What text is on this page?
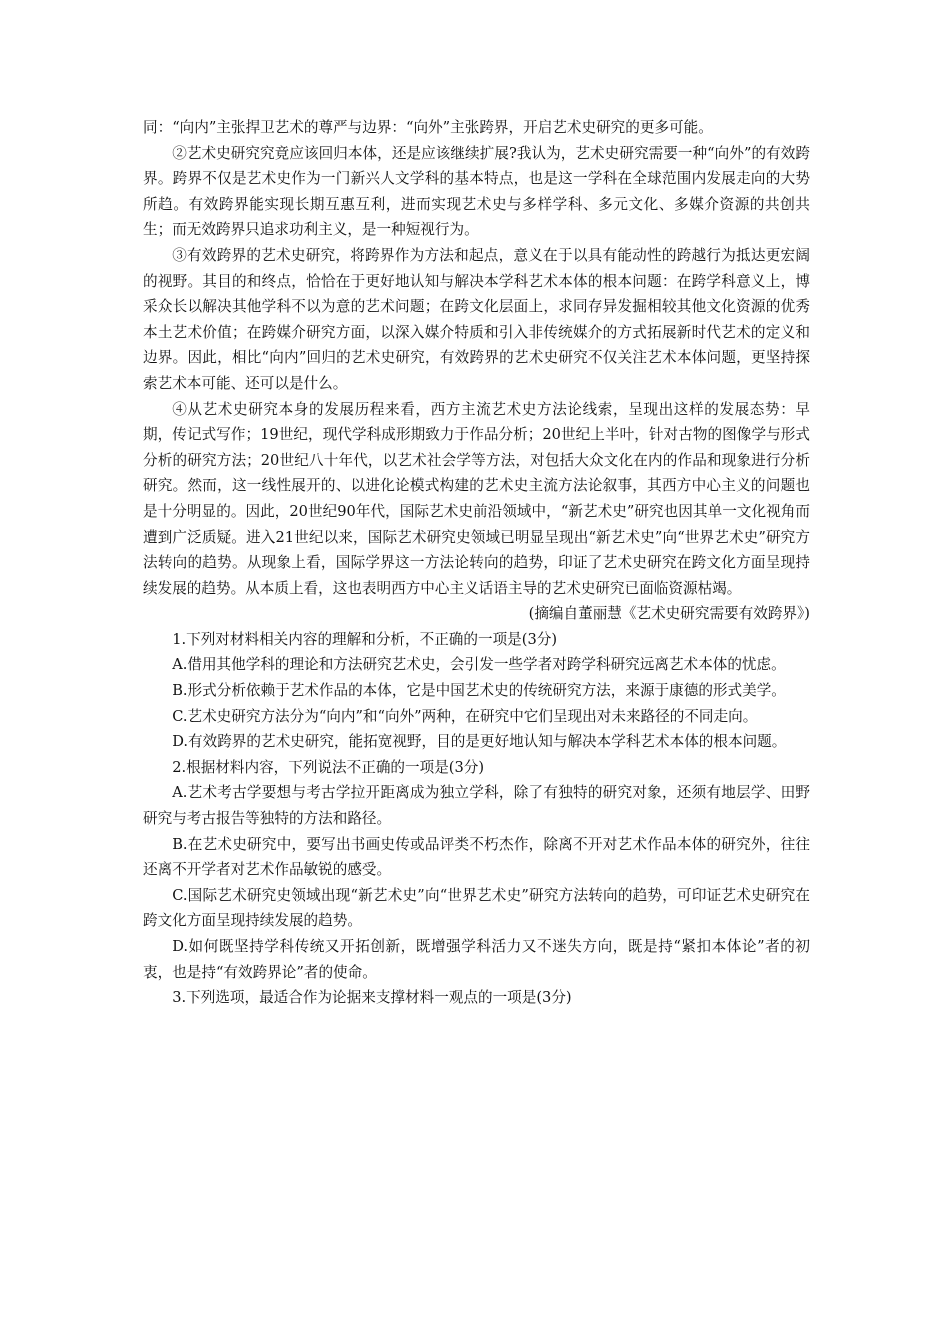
同：“向内”主张捍卫艺术的尊严与边界：“向外”主张跨界，开启艺术史研究的更多可能。

②艺术史研究究竟应该回归本体，还是应该继续扩展?我认为，艺术史研究需要一种“向外”的有效跨界。跨界不仅是艺术史作为一门新兴人文学科的基本特点，也是这一学科在全球范围内发展走向的大势所趋。有效跨界能实现长期互惠互利，进而实现艺术史与多样学科、多元文化、多媒介资源的共创共生；而无效跨界只追求功利主义，是一种短视行为。

③有效跨界的艺术史研究，将跨界作为方法和起点，意义在于以具有能动性的跨越行为抵达更宏阔的视野。其目的和终点，恰恰在于更好地认知与解决本学科艺术本体的根本问题：在跨学科意义上，博采众长以解决其他学科不以为意的艺术问题；在跨文化层面上，求同存异发掘相较其他文化资源的优秀本土艺术价值；在跨媒介研究方面，以深入媒介特质和引入非传统媒介的方式拓展新时代艺术的定义和边界。因此，相比“向内”回归的艺术史研究，有效跨界的艺术史研究不仅关注艺术本体问题，更坚持探索艺术本可能、还可以是什么。

④从艺术史研究本身的发展历程来看，西方主流艺术史方法论线索，呈现出这样的发展态势：早期，传记式写作；19世纪，现代学科成形期致力于作品分析；20世纪上半叶，针对古物的图像学与形式分析的研究方法；20世纪八十年代，以艺术社会学等方法，对包括大众文化在内的作品和现象进行分析研究。然而，这一线性展开的、以进化论模式构建的艺术史主流方法论叙事，其西方中心主义的问题也是十分明显的。因此，20世纪90年代，国际艺术史前沿领域中，“新艺术史”研究也因其单一文化视角而遭到广泛质疑。进入21世纪以来，国际艺术研究史领域已明显呈现出“新艺术史”向“世界艺术史”研究方法转向的趋势。从现象上看，国际学界这一方法论转向的趋势，印证了艺术史研究在跨文化方面呈现持续发展的趋势。从本质上看，这也表明西方中心主义话语主导的艺术史研究已面临资源枯竭。

(摘编自董丽慧《艺术史研究需要有效跨界》)

1.下列对材料相关内容的理解和分析，不正确的一项是(3分)

A.借用其他学科的理论和方法研究艺术史，会引发一些学者对跨学科研究远离艺术本体的忧虑。

B.形式分析依赖于艺术作品的本体，它是中国艺术史的传统研究方法，来源于康德的形式美学。

C.艺术史研究方法分为“向内”和“向外”两种，在研究中它们呈现出对未来路径的不同走向。

D.有效跨界的艺术史研究，能拓宽视野，目的是更好地认知与解决本学科艺术本体的根本问题。

2.根据材料内容，下列说法不正确的一项是(3分)

A.艺术考古学要想与考古学拉开距离成为独立学科，除了有独特的研究对象，还须有地层学、田野研究与考古报告等独特的方法和路径。

B.在艺术史研究中，要写出书画史传或品评类不朽杰作，除离不开对艺术作品本体的研究外，往往还离不开学者对艺术作品敏锐的感受。

C.国际艺术研究史领域出现“新艺术史”向“世界艺术史”研究方法转向的趋势，可印证艺术史研究在跨文化方面呈现持续发展的趋势。

D.如何既坚持学科传统又开拓创新，既增强学科活力又不迷失方向，既是持“紧扣本体论”者的初衷，也是持“有效跨界论”者的使命。

3.下列选项，最适合作为论据来支撑材料一观点的一项是(3分)
